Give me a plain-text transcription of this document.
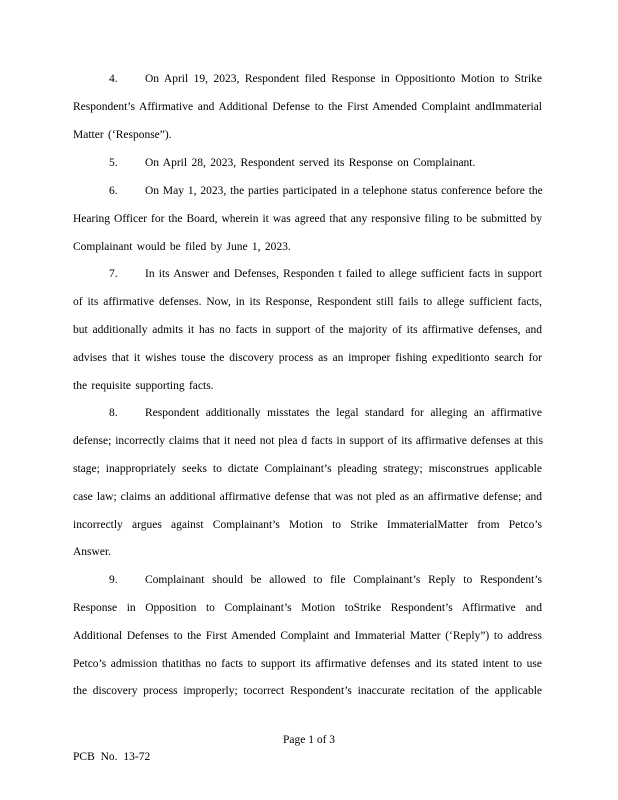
4. On April 19, 2023, Respondent filed Response in Oppositionto Motion to Strike
Respondent’s Affirmative and Additional Defense to the First Amended Complaint andImmaterial
Matter (‘Response”).
5. On April 28, 2023, Respondent served its Response on Complainant.
6. On May 1, 2023, the parties participated in a telephone status conference before the
Hearing Officer for the Board, wherein it was agreed that any responsive filing to be submitted by
Complainant would be filed by June 1, 2023.
7. In its Answer and Defenses, Responden t failed to allege sufficient facts in support
of its affirmative defenses. Now, in its Response, Respondent still fails to allege sufficient facts,
but additionally admits it has no facts in support of the majority of its affirmative defenses, and
advises that it wishes touse the discovery process as an improper fishing expeditionto search for
the requisite supporting facts.
8. Respondent additionally misstates the legal standard for alleging an affirmative
defense; incorrectly claims that it need not plea d facts in support of its affirmative defenses at this
stage; inappropriately seeks to dictate Complainant’s pleading strategy; misconstrues applicable
case law; claims an additional affirmative defense that was not pled as an affirmative defense; and
incorrectly argues against Complainant’s Motion to Strike ImmaterialMatter from Petco’s
Answer.
9. Complainant should be allowed to file Complainant’s Reply to Respondent’s
Response in Opposition to Complainant’s Motion toStrike Respondent’s Affirmative and
Additional Defenses to the First Amended Complaint and Immaterial Matter (‘Reply”) to address
Petco’s admission thatithas no facts to support its affirmative defenses and its stated intent to use
the discovery process improperly; tocorrect Respondent’s inaccurate recitation of the applicable
Page 1 of 3
PCB No. 13-72
